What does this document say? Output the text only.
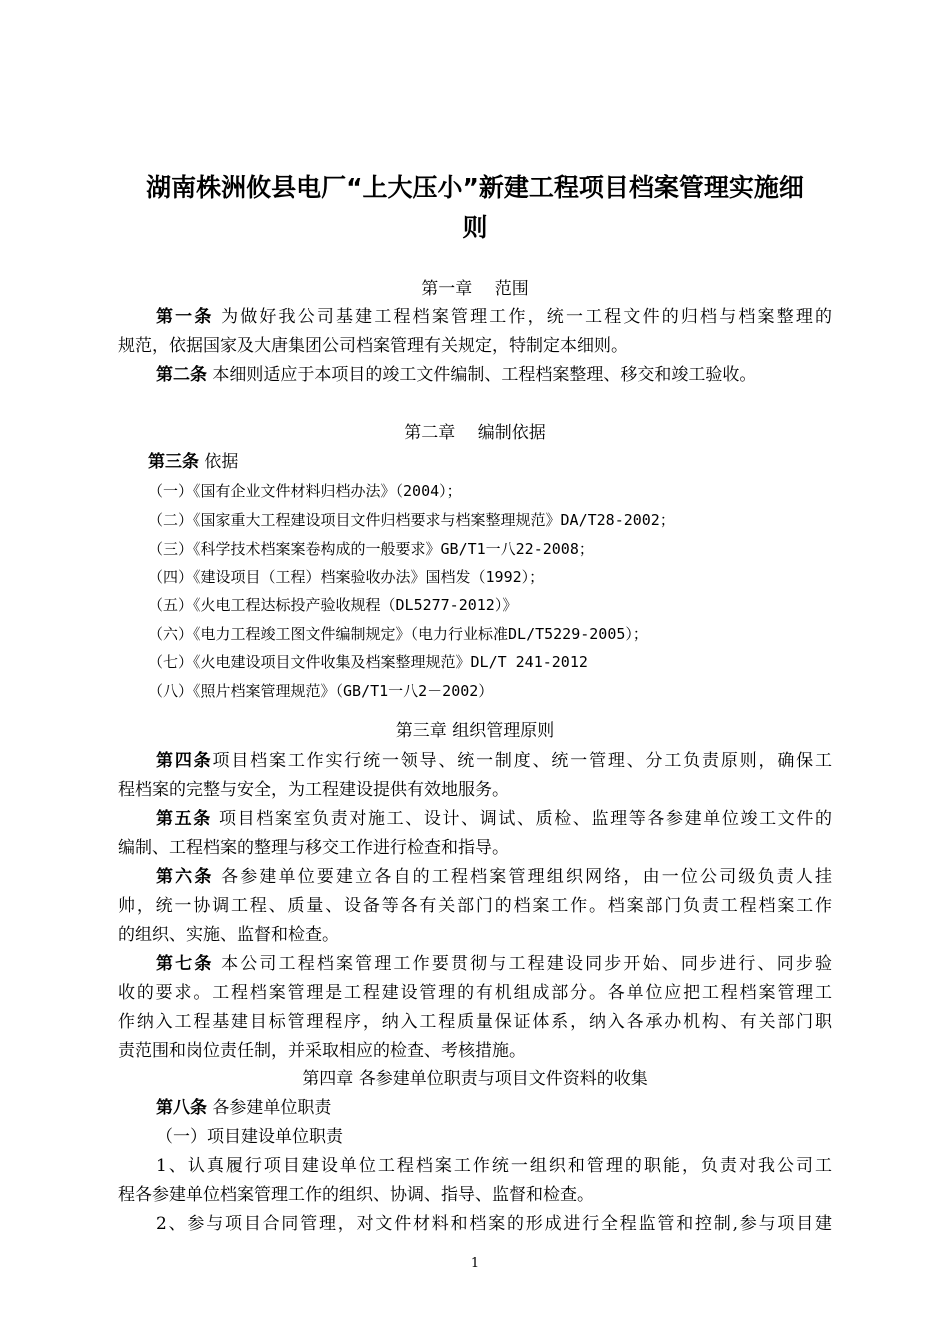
湖南株洲攸县电厂“上大压小”新建工程项目档案管理实施细
则
第一章　 范围
第一条 为做好我公司基建工程档案管理工作，统一工程文件的归档与档案整理的
规范，依据国家及大唐集团公司档案管理有关规定，特制定本细则。
第二条 本细则适应于本项目的竣工文件编制、工程档案整理、移交和竣工验收。
第二章　 编制依据
第三条 依据
（一）《国有企业文件材料归档办法》（2004）；
（二）《国家重大工程建设项目文件归档要求与档案整理规范》DA/T28-2002；
（三）《科学技术档案案卷构成的一般要求》GB/T1一八22-2008；
（四）《建设项目（工程）档案验收办法》国档发（1992）；
（五）《火电工程达标投产验收规程（DL5277-2012）》
（六）《电力工程竣工图文件编制规定》（电力行业标准DL/T5229-2005）；
（七）《火电建设项目文件收集及档案整理规范》DL/T 241-2012
（八）《照片档案管理规范》（GB/T1一八2－2002）
第三章 组织管理原则
第四条项目档案工作实行统一领导、统一制度、统一管理、分工负责原则，确保工
程档案的完整与安全，为工程建设提供有效地服务。
第五条 项目档案室负责对施工、设计、调试、质检、监理等各参建单位竣工文件的
编制、工程档案的整理与移交工作进行检查和指导。
第六条 各参建单位要建立各自的工程档案管理组织网络，由一位公司级负责人挂
帅，统一协调工程、质量、设备等各有关部门的档案工作。档案部门负责工程档案工作
的组织、实施、监督和检查。
第七条 本公司工程档案管理工作要贯彻与工程建设同步开始、同步进行、同步验
收的要求。工程档案管理是工程建设管理的有机组成部分。各单位应把工程档案管理工
作纳入工程基建目标管理程序，纳入工程质量保证体系，纳入各承办机构、有关部门职
责范围和岗位责任制，并采取相应的检查、考核措施。
第四章 各参建单位职责与项目文件资料的收集
第八条 各参建单位职责
（一）项目建设单位职责
1、认真履行项目建设单位工程档案工作统一组织和管理的职能，负责对我公司工
程各参建单位档案管理工作的组织、协调、指导、监督和检查。
2、参与项目合同管理，对文件材料和档案的形成进行全程监管和控制,参与项目建
1
